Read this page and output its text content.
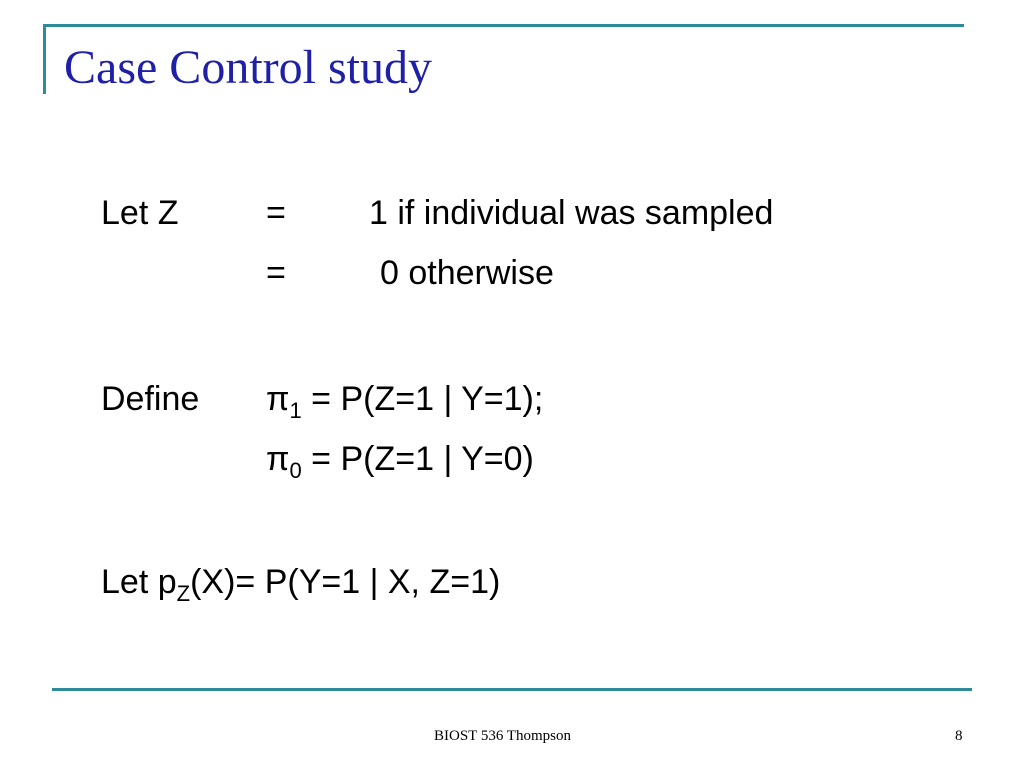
Case Control study
Let Z	= 1 if individual was sampled
=	0 otherwise
Define $\pi_1 = P(Z=1$ | Y=1);
$\pi_0 = P(Z=1$ | Y=0)
Let $p_Z(X)= P(Y=1$ | X, Z=1)
BIOST 536 Thompson	8
